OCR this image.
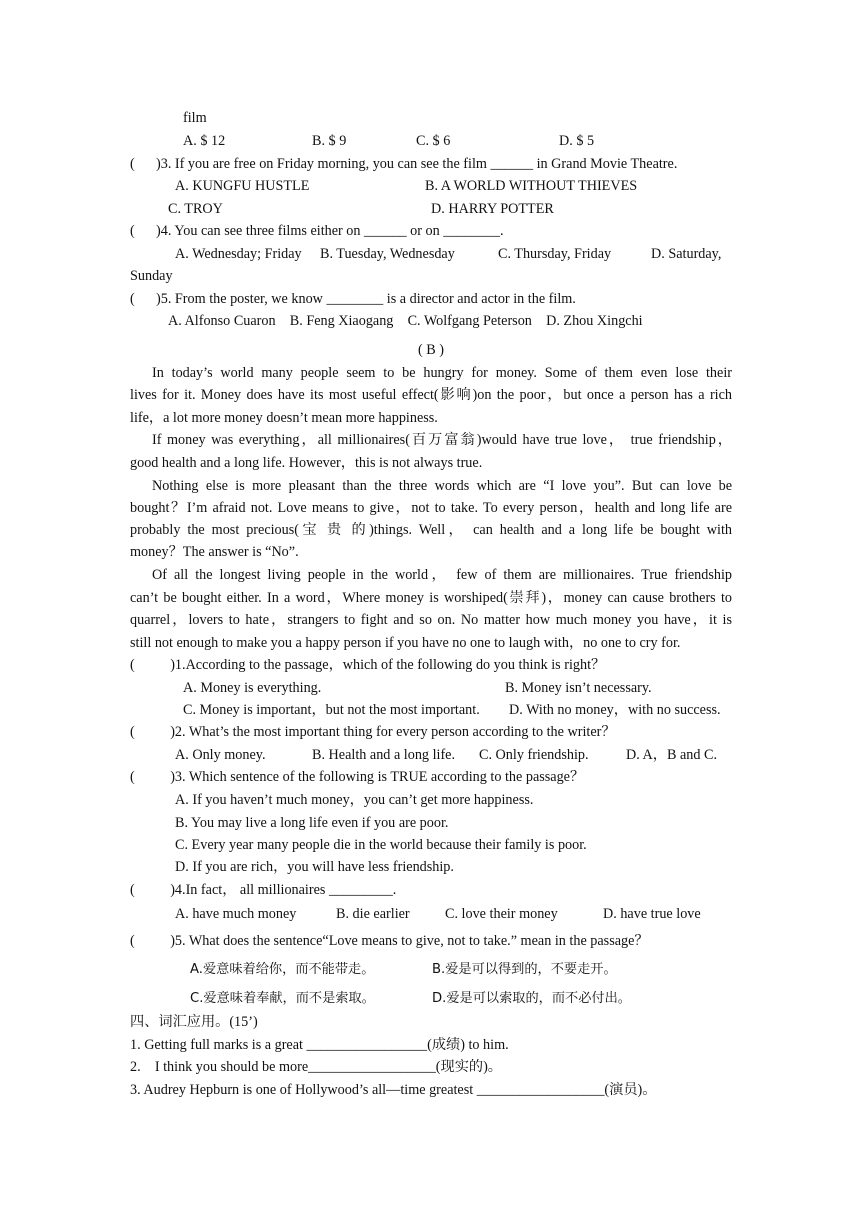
film
A. $ 12	B. $ 9	C. $ 6	D. $ 5
(      )3. If you are free on Friday morning, you can see the film ______ in Grand Movie Theatre.
A. KUNGFU HUSTLE	B. A WORLD WITHOUT THIEVES
C. TROY	D. HARRY POTTER
(      )4. You can see three films either on ______ or on ________.
A. Wednesday; Friday B. Tuesday, Wednesday	C. Thursday, Friday	D. Saturday,
Sunday
(      )5. From the poster, we know ________ is a director and actor in the film.
A. Alfonso Cuaron    B. Feng Xiaogang    C. Wolfgang Peterson    D. Zhou Xingchi
( B )
In today’s world many people seem to be hungry for money. Some of them even lose their
lives for it. Money does have its most useful effect(影响)on the poor，but once a person has a rich
life，a lot more money doesn’t mean more happiness.
If money was everything，all millionaires(百万富翁)would have true love， true friendship，
good health and a long life. However，this is not always true.
Nothing else is more pleasant than the three words which are “I love you”. But can love be
bought？I’m afraid not. Love means to give，not to take. To every person，health and long life are
probably the most precious(宝 贵 的)things. Well， can health and a long life be bought with
money？The answer is “No”.
Of all the longest living people in the world， few of them are millionaires. True friendship
can’t be bought either. In a word，Where money is worshiped(崇拜)，money can cause brothers to
quarrel，lovers to hate，strangers to fight and so on. No matter how much money you have，it is
still not enough to make you a happy person if you have no one to laugh with，no one to cry for.
(          )1.According to the passage，which of the following do you think is right？
A. Money is everything.	B. Money isn’t necessary.
C. Money is important，but not the most important. D. With no money，with no success.
(          )2. What’s the most important thing for every person according to the writer？
A. Only money.	B. Health and a long life. C. Only friendship.	D. A，B and C.
(          )3. Which sentence of the following is TRUE according to the passage？
A. If you haven’t much money，you can’t get more happiness.
B. You may live a long life even if you are poor.
C. Every year many people die in the world because their family is poor.
D. If you are rich，you will have less friendship.
(          )4.In fact， all millionaires _________.
A. have much money	B. die earlier C. love their money	D. have true love
(          )5. What does the sentence“Love means to give, not to take.” mean in the passage？
A.爱意味着给你，而不能带走。	B.爱是可以得到的，不要走开。
C.爱意味着奉献，而不是索取。	D.爱是可以索取的，而不必付出。
四、词汇应用。(15’)
1. Getting full marks is a great _________________(成绩) to him.
2.    I think you should be more__________________(现实的)。
3. Audrey Hepburn is one of Hollywood’s all—time greatest __________________(演员)。
